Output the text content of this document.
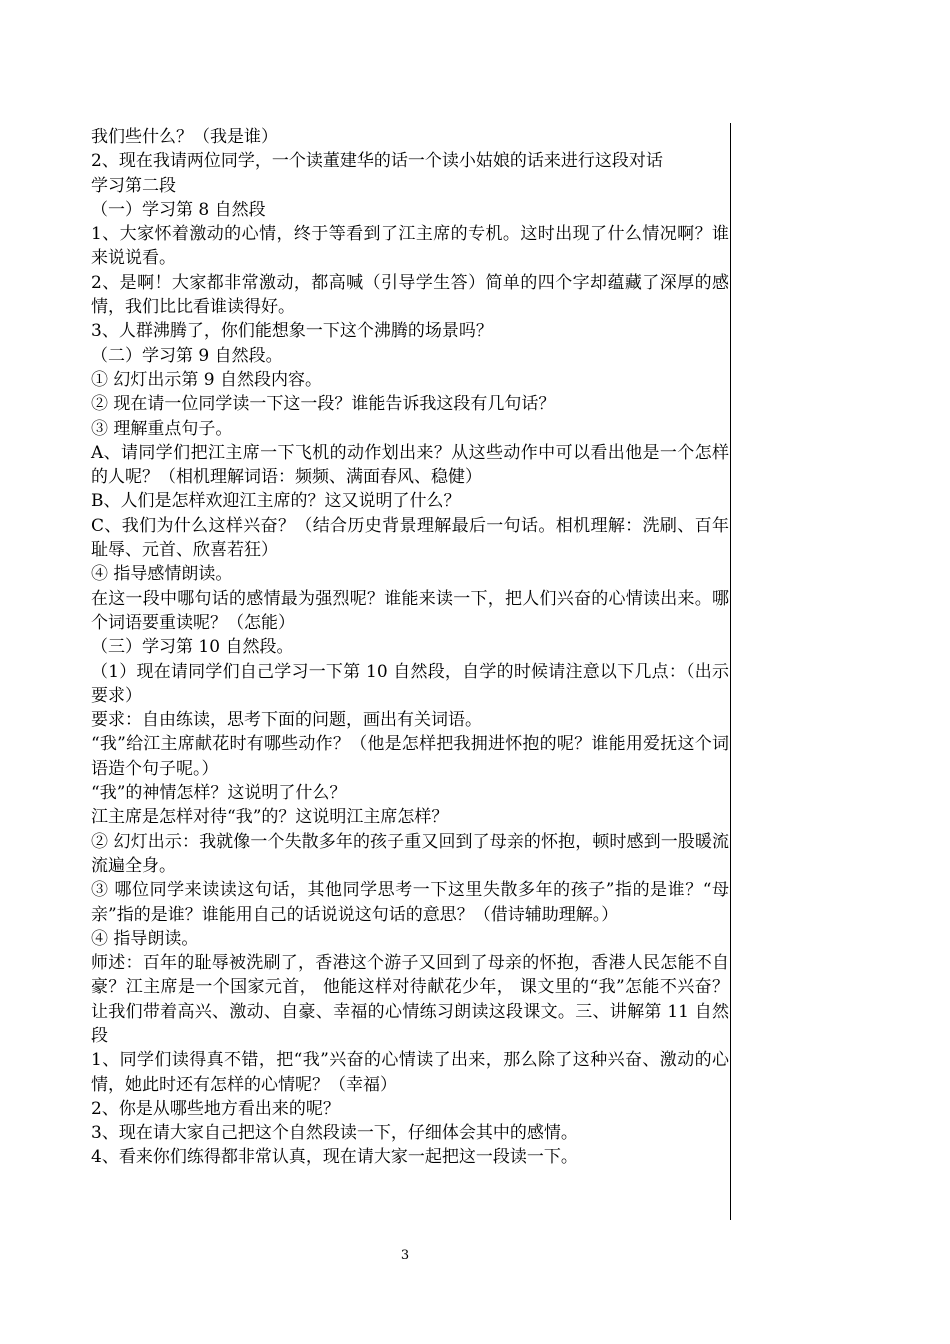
我们些什么？（我是谁）

2、现在我请两位同学，一个读董建华的话一个读小姑娘的话来进行这段对话

学习第二段

（一）学习第 8 自然段

1、大家怀着激动的心情，终于等看到了江主席的专机。这时出现了什么情况啊？谁来说说看。

2、是啊！大家都非常激动，都高喊（引导学生答）简单的四个字却蕴藏了深厚的感情，我们比比看谁读得好。

3、人群沸腾了，你们能想象一下这个沸腾的场景吗？

（二）学习第 9 自然段。

① 幻灯出示第 9 自然段内容。

② 现在请一位同学读一下这一段？谁能告诉我这段有几句话？

③ 理解重点句子。

A、请同学们把江主席一下飞机的动作划出来？从这些动作中可以看出他是一个怎样的人呢？（相机理解词语：频频、满面春风、稳健）

B、人们是怎样欢迎江主席的？这又说明了什么？

C、我们为什么这样兴奋？（结合历史背景理解最后一句话。相机理解：洗刷、百年耻辱、元首、欣喜若狂）

④ 指导感情朗读。

在这一段中哪句话的感情最为强烈呢？谁能来读一下，把人们兴奋的心情读出来。哪个词语要重读呢？（怎能）

（三）学习第 10 自然段。

（1）现在请同学们自己学习一下第 10 自然段，自学的时候请注意以下几点：（出示要求）

要求：自由练读，思考下面的问题，画出有关词语。

“我”给江主席献花时有哪些动作？（他是怎样把我拥进怀抱的呢？谁能用爱抚这个词语造个句子呢。）

“我”的神情怎样？这说明了什么？

江主席是怎样对待“我”的？这说明江主席怎样？

② 幻灯出示：我就像一个失散多年的孩子重又回到了母亲的怀抱，顿时感到一股暖流流遍全身。

③ 哪位同学来读读这句话，其他同学思考一下这里失散多年的孩子”指的是谁？“母亲”指的是谁？谁能用自己的话说说这句话的意思？（借诗辅助理解。）

④ 指导朗读。

师述：百年的耻辱被洗刷了，香港这个游子又回到了母亲的怀抱，香港人民怎能不自豪？江主席是一个国家元首， 他能这样对待献花少年， 课文里的“我”怎能不兴奋？让我们带着高兴、激动、自豪、幸福的心情练习朗读这段课文。三、讲解第 11 自然段

1、同学们读得真不错，把“我”兴奋的心情读了出来，那么除了这种兴奋、激动的心情，她此时还有怎样的心情呢？（幸福）

2、你是从哪些地方看出来的呢？

3、现在请大家自己把这个自然段读一下，仔细体会其中的感情。

4、看来你们练得都非常认真，现在请大家一起把这一段读一下。

3
